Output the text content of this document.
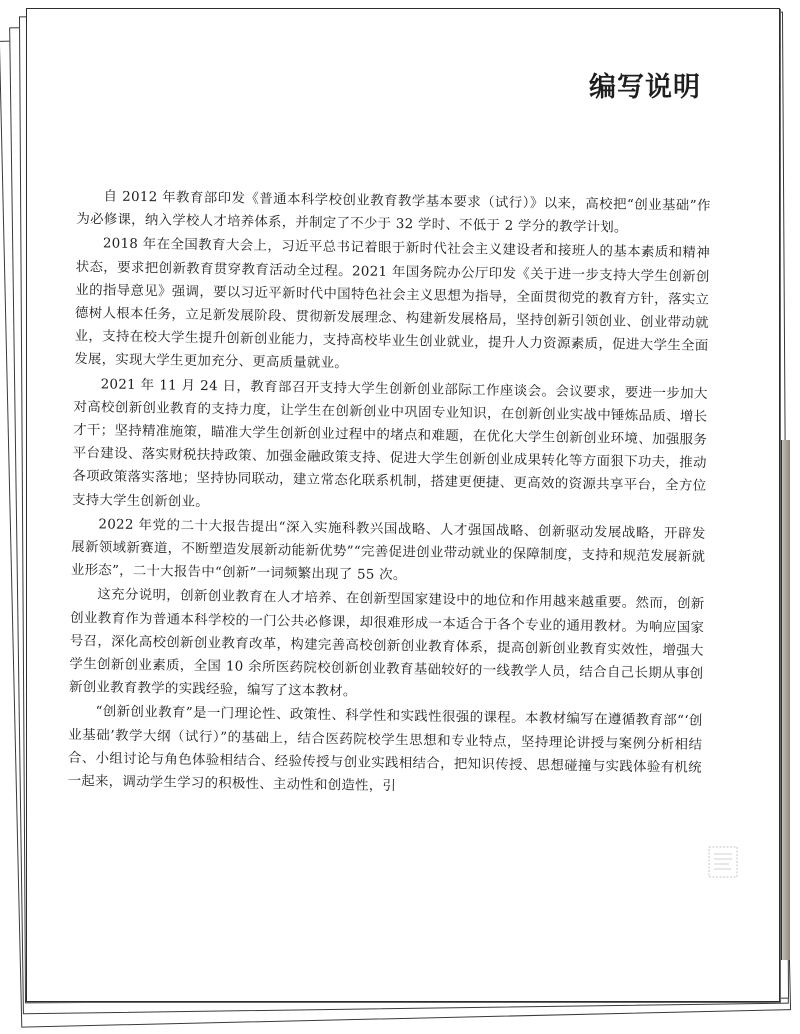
编写说明

自 2012 年教育部印发《普通本科学校创业教育教学基本要求（试行）》以来，高校把“创业基础”作为必修课，纳入学校人才培养体系，并制定了不少于 32 学时、不低于 2 学分的教学计划。

2018 年在全国教育大会上，习近平总书记着眼于新时代社会主义建设者和接班人的基本素质和精神状态，要求把创新教育贯穿教育活动全过程。2021 年国务院办公厅印发《关于进一步支持大学生创新创业的指导意见》强调，要以习近平新时代中国特色社会主义思想为指导，全面贯彻党的教育方针，落实立德树人根本任务，立足新发展阶段、贯彻新发展理念、构建新发展格局，坚持创新引领创业、创业带动就业，支持在校大学生提升创新创业能力，支持高校毕业生创业就业，提升人力资源素质，促进大学生全面发展，实现大学生更加充分、更高质量就业。

2021 年 11 月 24 日，教育部召开支持大学生创新创业部际工作座谈会。会议要求，要进一步加大对高校创新创业教育的支持力度，让学生在创新创业中巩固专业知识，在创新创业实战中锤炼品质、增长才干；坚持精准施策，瞄准大学生创新创业过程中的堵点和难题，在优化大学生创新创业环境、加强服务平台建设、落实财税扶持政策、加强金融政策支持、促进大学生创新创业成果转化等方面狠下功夫，推动各项政策落实落地；坚持协同联动，建立常态化联系机制，搭建更便捷、更高效的资源共享平台，全方位支持大学生创新创业。

2022 年党的二十大报告提出“深入实施科教兴国战略、人才强国战略、创新驱动发展战略，开辟发展新领域新赛道，不断塑造发展新动能新优势”“完善促进创业带动就业的保障制度，支持和规范发展新就业形态”，二十大报告中“创新”一词频繁出现了 55 次。

这充分说明，创新创业教育在人才培养、在创新型国家建设中的地位和作用越来越重要。然而，创新创业教育作为普通本科学校的一门公共必修课，却很难形成一本适合于各个专业的通用教材。为响应国家号召，深化高校创新创业教育改革，构建完善高校创新创业教育体系，提高创新创业教育实效性，增强大学生创新创业素质，全国 10 余所医药院校创新创业教育基础较好的一线教学人员，结合自己长期从事创新创业教育教学的实践经验，编写了这本教材。

“创新创业教育”是一门理论性、政策性、科学性和实践性很强的课程。本教材编写在遵循教育部“‘创业基础’教学大纲（试行）”的基础上，结合医药院校学生思想和专业特点，坚持理论讲授与案例分析相结合、小组讨论与角色体验相结合、经验传授与创业实践相结合，把知识传授、思想碰撞与实践体验有机统一起来，调动学生学习的积极性、主动性和创造性，引
